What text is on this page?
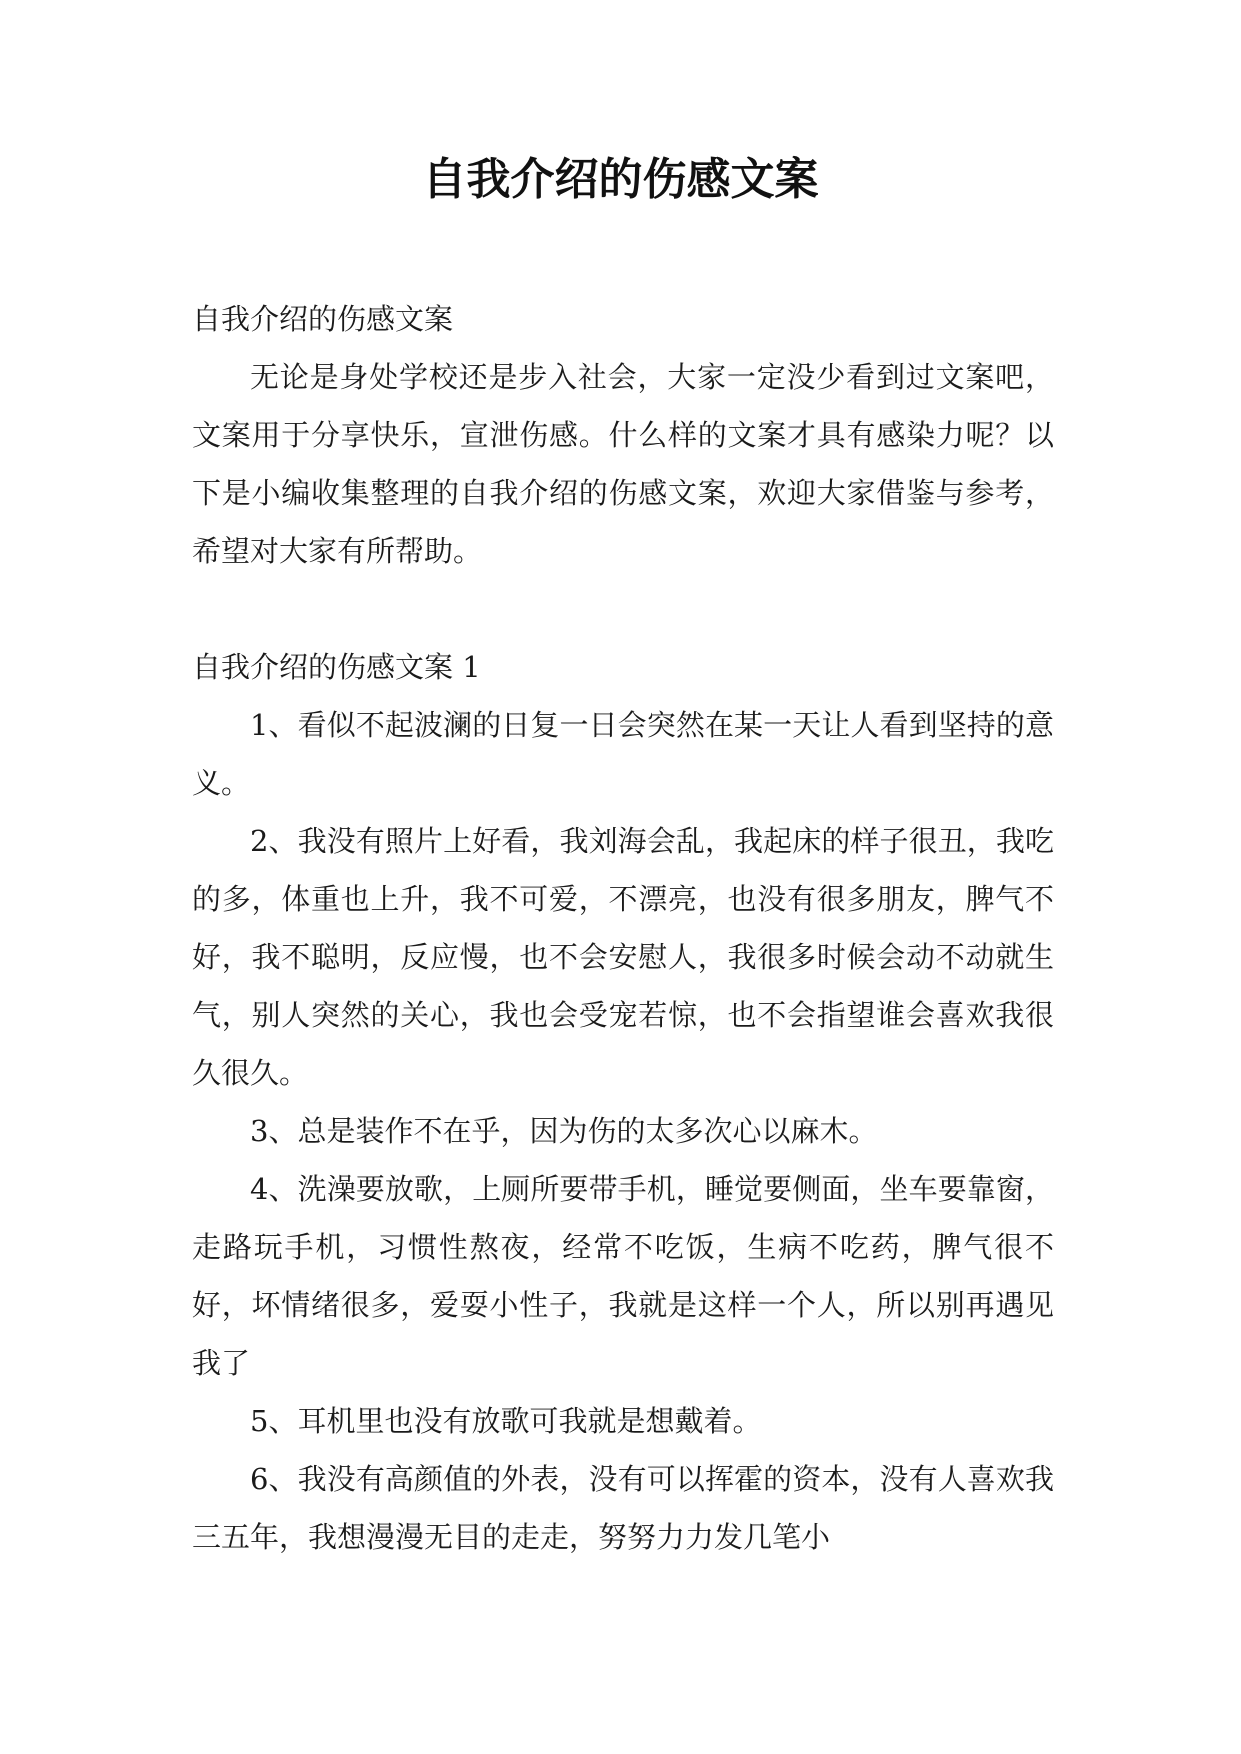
自我介绍的伤感文案

自我介绍的伤感文案

无论是身处学校还是步入社会，大家一定没少看到过文案吧，文案用于分享快乐，宣泄伤感。什么样的文案才具有感染力呢？以下是小编收集整理的自我介绍的伤感文案，欢迎大家借鉴与参考，希望对大家有所帮助。

自我介绍的伤感文案 1

1、看似不起波澜的日复一日会突然在某一天让人看到坚持的意义。

2、我没有照片上好看，我刘海会乱，我起床的样子很丑，我吃的多，体重也上升，我不可爱，不漂亮，也没有很多朋友，脾气不好，我不聪明，反应慢，也不会安慰人，我很多时候会动不动就生气，别人突然的关心，我也会受宠若惊，也不会指望谁会喜欢我很久很久。

3、总是装作不在乎，因为伤的太多次心以麻木。

4、洗澡要放歌，上厕所要带手机，睡觉要侧面，坐车要靠窗，走路玩手机，习惯性熬夜，经常不吃饭，生病不吃药，脾气很不好，坏情绪很多，爱耍小性子，我就是这样一个人，所以别再遇见我了

5、耳机里也没有放歌可我就是想戴着。

6、我没有高颜值的外表，没有可以挥霍的资本，没有人喜欢我三五年，我想漫漫无目的走走，努努力力发几笔小
